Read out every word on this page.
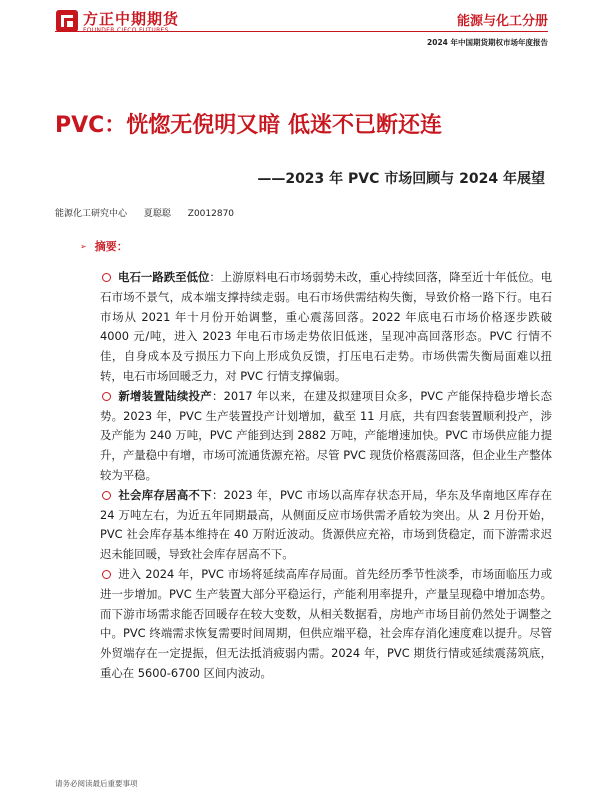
方正中期期货
FOUNDER CIFCO FUTURES
能源与化工分册
2024 年中国期货期权市场年度报告
PVC：恍惚无倪明又暗 低迷不已断还连
——2023 年 PVC 市场回顾与 2024 年展望
能源化工研究中心 夏聪聪 Z0012870
➢ 摘要：

电石一路跌至低位：上游原料电石市场弱势未改，重心持续回落，降至近十年低位。电石市场不景气，成本端支撑持续走弱。电石市场供需结构失衡，导致价格一路下行。电石市场从 2021 年十月份开始调整，重心震荡回落。2022 年底电石市场价格逐步跌破 4000 元/吨，进入 2023 年电石市场走势依旧低迷，呈现冲高回落形态。PVC 行情不佳，自身成本及亏损压力下向上形成负反馈，打压电石走势。市场供需失衡局面难以扭转，电石市场回暖乏力，对 PVC 行情支撑偏弱。

新增装置陆续投产：2017 年以来，在建及拟建项目众多，PVC 产能保持稳步增长态势。2023 年，PVC 生产装置投产计划增加，截至 11 月底，共有四套装置顺利投产，涉及产能为 240 万吨，PVC 产能到达到 2882 万吨，产能增速加快。PVC 市场供应能力提升，产量稳中有增，市场可流通货源充裕。尽管 PVC 现货价格震荡回落，但企业生产整体较为平稳。

社会库存居高不下：2023 年，PVC 市场以高库存状态开局，华东及华南地区库存在 24 万吨左右，为近五年同期最高，从侧面反应市场供需矛盾较为突出。从 2 月份开始，PVC 社会库存基本维持在 40 万附近波动。货源供应充裕，市场到货稳定，而下游需求迟迟未能回暖，导致社会库存居高不下。

进入 2024 年，PVC 市场将延续高库存局面。首先经历季节性淡季，市场面临压力或进一步增加。PVC 生产装置大部分平稳运行，产能利用率提升，产量呈现稳中增加态势。而下游市场需求能否回暖存在较大变数，从相关数据看，房地产市场目前仍然处于调整之中。PVC 终端需求恢复需要时间周期，但供应端平稳，社会库存消化速度难以提升。尽管外贸端存在一定提振，但无法抵消疲弱内需。2024 年，PVC 期货行情或延续震荡筑底，重心在 5600-6700 区间内波动。

请务必阅读最后重要事项
